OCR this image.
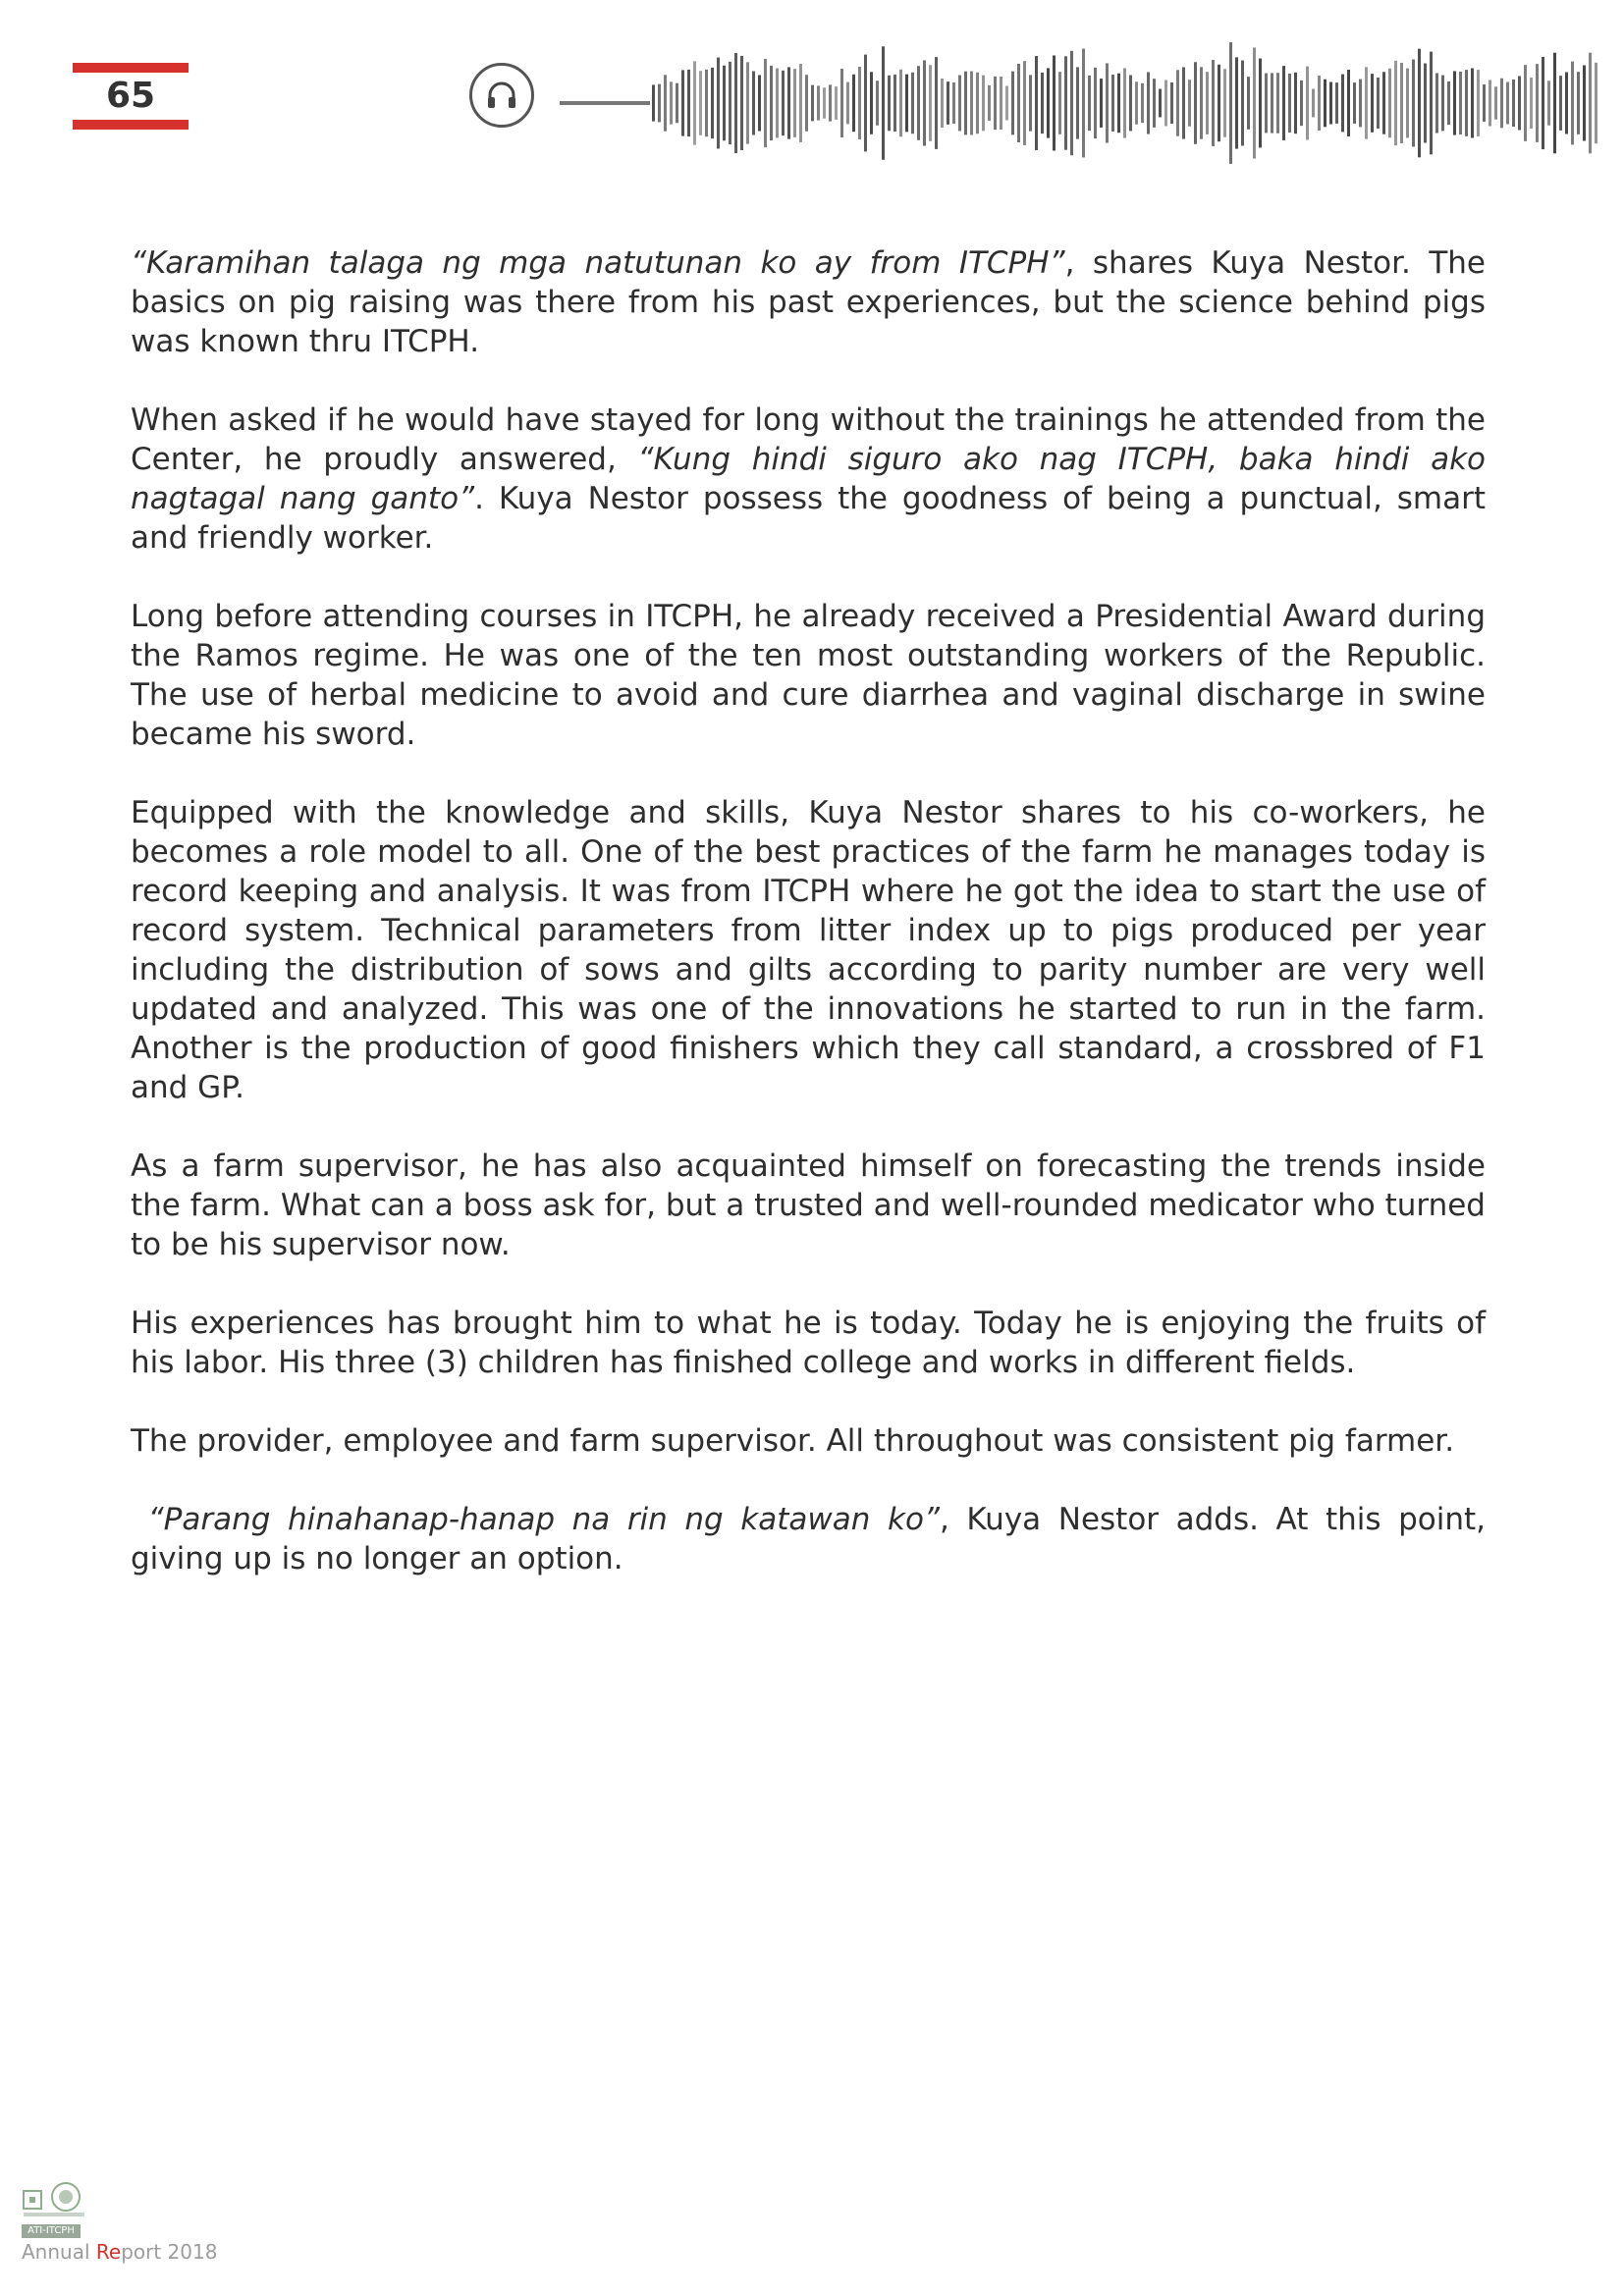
65

“Karamihan talaga ng mga natutunan ko ay from ITCPH”, shares Kuya Nestor. The basics on pig raising was there from his past experiences, but the science behind pigs was known thru ITCPH.

When asked if he would have stayed for long without the trainings he attended from the Center, he proudly answered, “Kung hindi siguro ako nag ITCPH, baka hindi ako nagtagal nang ganto”. Kuya Nestor possess the goodness of being a punctual, smart and friendly worker.

Long before attending courses in ITCPH, he already received a Presidential Award during the Ramos regime. He was one of the ten most outstanding workers of the Republic. The use of herbal medicine to avoid and cure diarrhea and vaginal discharge in swine became his sword.

Equipped with the knowledge and skills, Kuya Nestor shares to his co-workers, he becomes a role model to all. One of the best practices of the farm he manages today is record keeping and analysis. It was from ITCPH where he got the idea to start the use of record system. Technical parameters from litter index up to pigs produced per year including the distribution of sows and gilts according to parity number are very well updated and analyzed. This was one of the innovations he started to run in the farm. Another is the production of good finishers which they call standard, a crossbred of F1 and GP.

As a farm supervisor, he has also acquainted himself on forecasting the trends inside the farm. What can a boss ask for, but a trusted and well-rounded medicator who turned to be his supervisor now.

His experiences has brought him to what he is today. Today he is enjoying the fruits of his labor. His three (3) children has finished college and works in different fields.

The provider, employee and farm supervisor. All throughout was consistent pig farmer.

“Parang hinahanap-hanap na rin ng katawan ko”, Kuya Nestor adds. At this point, giving up is no longer an option.

ATI-ITCPH
Annual Report 2018
